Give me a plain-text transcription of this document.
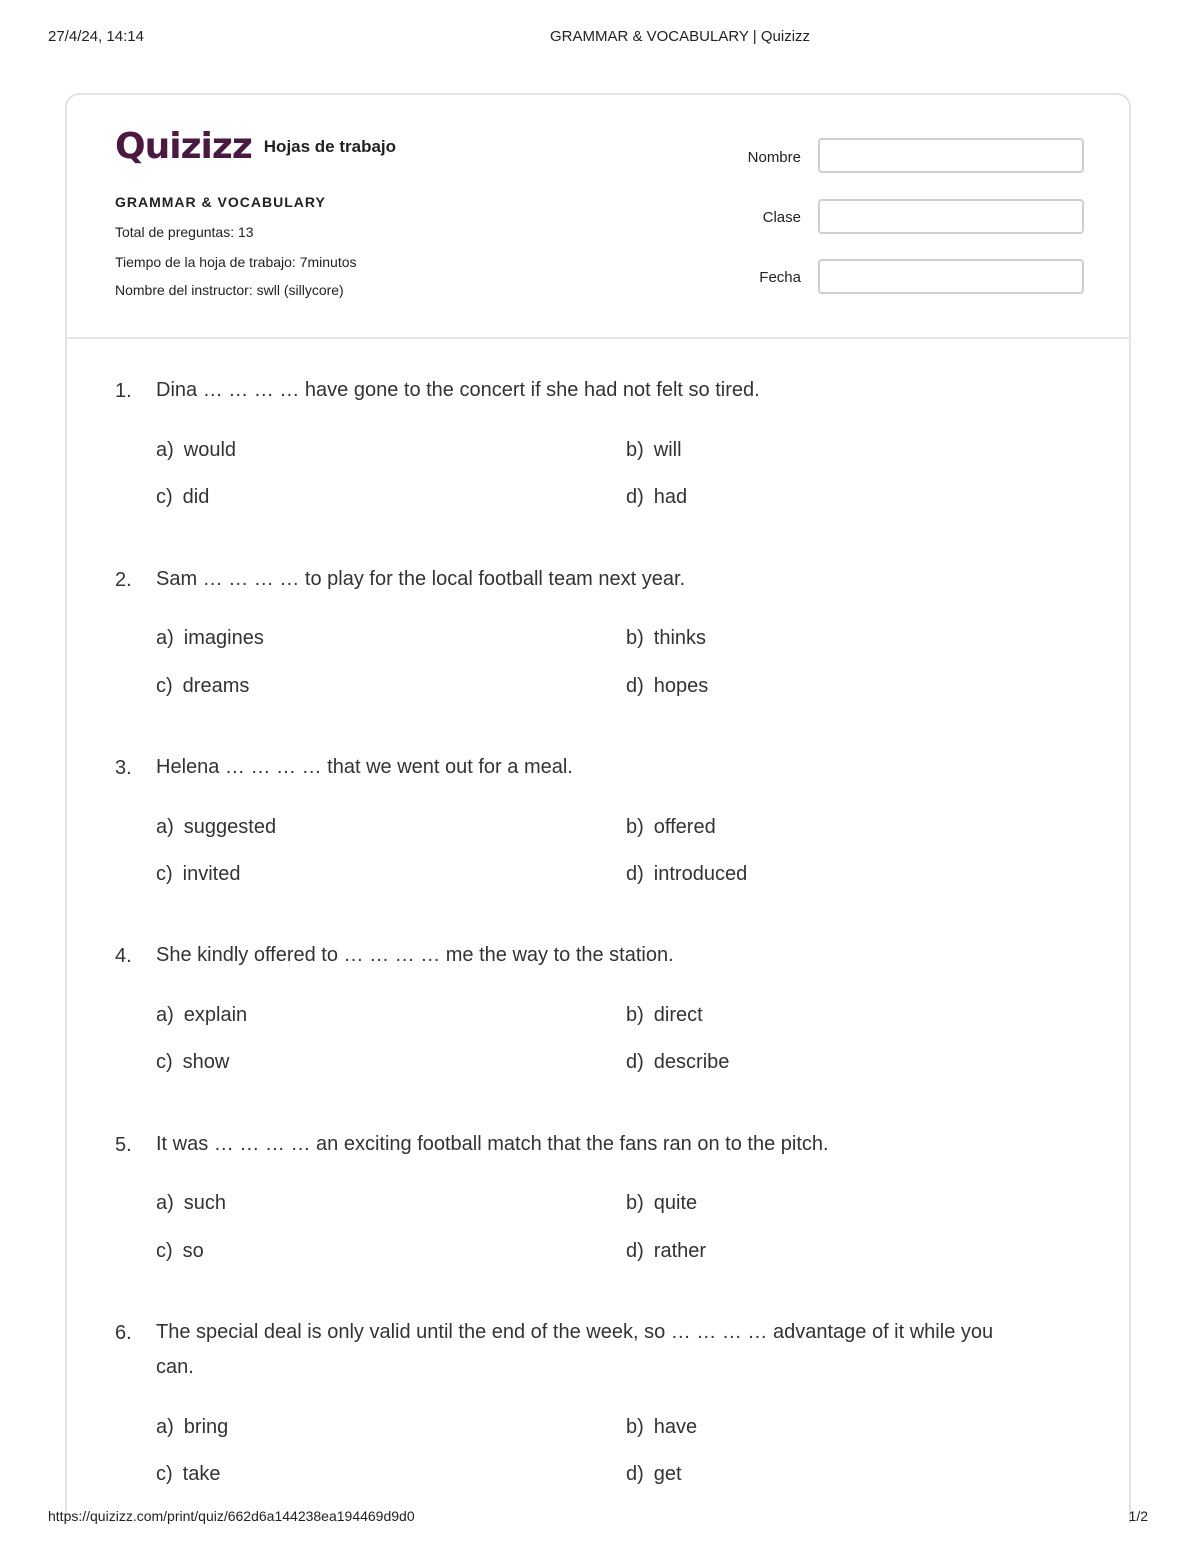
27/4/24, 14:14	GRAMMAR & VOCABULARY | Quizizz
Quizizz Hojas de trabajo
GRAMMAR & VOCABULARY
Total de preguntas: 13
Tiempo de la hoja de trabajo: 7minutos
Nombre del instructor: swll (sillycore)
Nombre
Clase
Fecha
1. Dina … … … … have gone to the concert if she had not felt so tired.
a) would	b) will
c) did	d) had
2. Sam … … … … to play for the local football team next year.
a) imagines	b) thinks
c) dreams	d) hopes
3. Helena … … … … that we went out for a meal.
a) suggested	b) offered
c) invited	d) introduced
4. She kindly offered to … … … … me the way to the station.
a) explain	b) direct
c) show	d) describe
5. It was … … … … an exciting football match that the fans ran on to the pitch.
a) such	b) quite
c) so	d) rather
6. The special deal is only valid until the end of the week, so … … … … advantage of it while you can.
a) bring	b) have
c) take	d) get
https://quizizz.com/print/quiz/662d6a144238ea194469d9d0	1/2
